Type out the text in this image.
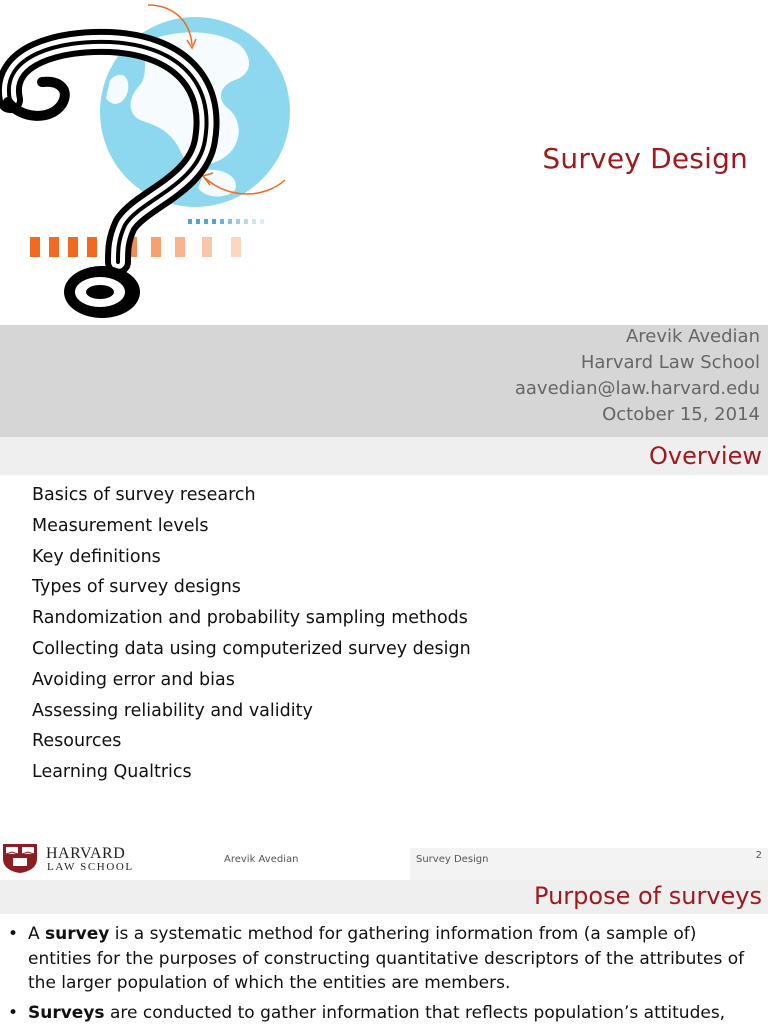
Survey Design
Arevik Avedian
Harvard Law School
aavedian@law.harvard.edu
October 15, 2014
Overview
Basics of survey research
Measurement levels
Key definitions
Types of survey designs
Randomization and probability sampling methods
Collecting data using computerized survey design
Avoiding error and bias
Assessing reliability and validity
Resources
Learning Qualtrics
HARVARD
LAW SCHOOL
Arevik Avedian	Survey Design	2
Purpose of surveys
• A survey is a systematic method for gathering information from (a sample of) entities for the purposes of constructing quantitative descriptors of the attributes of the larger population of which the entities are members.
• Surveys are conducted to gather information that reflects population’s attitudes,
